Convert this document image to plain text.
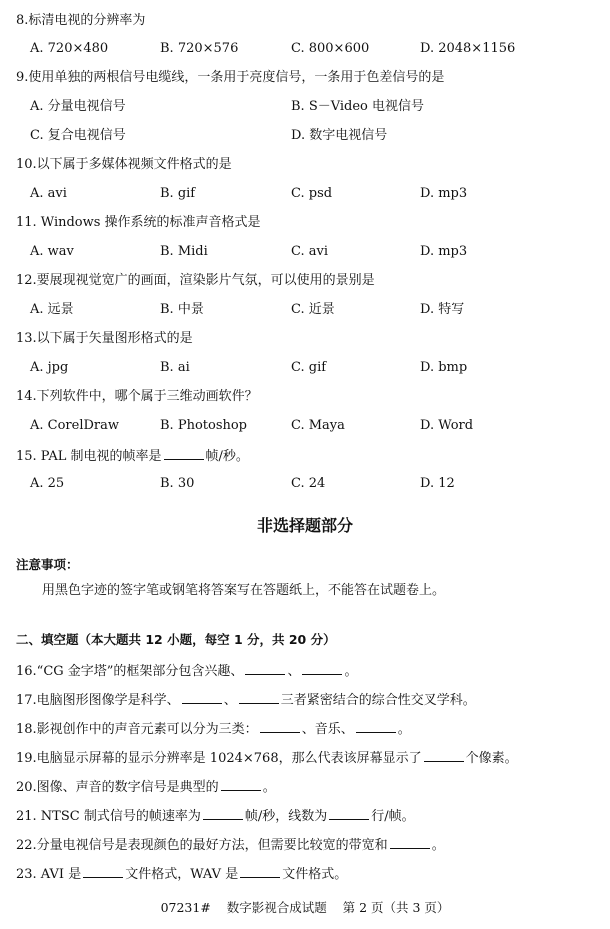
8.标清电视的分辨率为
A. 720×480	B. 720×576	C. 800×600	D. 2048×1156
9.使用单独的两根信号电缆线，一条用于亮度信号，一条用于色差信号的是
A. 分量电视信号	B. S－Video 电视信号
C. 复合电视信号	D. 数字电视信号
10.以下属于多媒体视频文件格式的是
A. avi	B. gif	C. psd	D. mp3
11. Windows 操作系统的标准声音格式是
A. wav	B. Midi	C. avi	D. mp3
12.要展现视觉宽广的画面，渲染影片气氛，可以使用的景别是
A. 远景	B. 中景	C. 近景	D. 特写
13.以下属于矢量图形格式的是
A. jpg	B. ai	C. gif	D. bmp
14.下列软件中，哪个属于三维动画软件？
A. CorelDraw	B. Photoshop	C. Maya	D. Word
15. PAL 制电视的帧率是	帧/秒。
A. 25	B. 30	C. 24	D. 12
非选择题部分
注意事项：
用黑色字迹的签字笔或钢笔将答案写在答题纸上，不能答在试题卷上。
二、填空题（本大题共 12 小题，每空 1 分，共 20 分）
16.“CG 金字塔”的框架部分包含兴趣、	、	。
17.电脑图形图像学是科学、	、	三者紧密结合的综合性交叉学科。
18.影视创作中的声音元素可以分为三类：	、音乐、	。
19.电脑显示屏幕的显示分辨率是 1024×768，那么代表该屏幕显示了	个像素。
20.图像、声音的数字信号是典型的	。
21. NTSC 制式信号的帧速率为	帧/秒，线数为	行/帧。
22.分量电视信号是表现颜色的最好方法，但需要比较宽的带宽和	。
23. AVI 是	文件格式，WAV 是	文件格式。
07231#    数字影视合成试题    第 2 页（共 3 页）
